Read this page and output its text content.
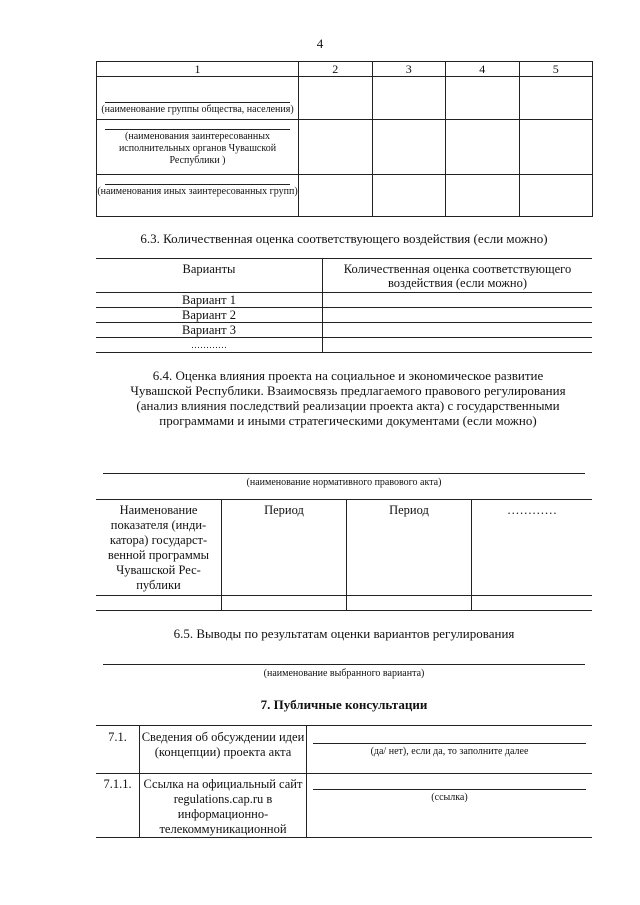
4
1	2	3	4	5

(наименование группы общества, населения)				

(наименования заинтересованных исполнительных органов Чувашской Республики )				

(наименования иных заинтересованных групп)				

6.3. Количественная оценка соответствующего воздействия (если можно)
Варианты	Количественная оценка соответствующего воздействия (если можно)
Вариант 1	
Вариант 2	
Вариант 3	
…………	
6.4. Оценка влияния проекта на социальное и экономическое развитие Чувашской Республики. Взаимосвязь предлагаемого правового регулирования (анализ влияния последствий реализации проекта акта) с государственными программами и иными стратегическими документами (если можно)
(наименование нормативного правового акта)
Наименование показателя (инди-катора) государст-венной программы Чувашской Рес-публики	Период	Период	…………

6.5. Выводы по результатам оценки вариантов регулирования
(наименование выбранного варианта)
7. Публичные консультации
7.1.	Сведения об обсуждении идеи (концепции) проекта акта	(да/ нет), если да, то заполните далее

7.1.1.	Ссылка на официальный сайт regulations.cap.ru в информационно-телекоммуникационной	(ссылка)
